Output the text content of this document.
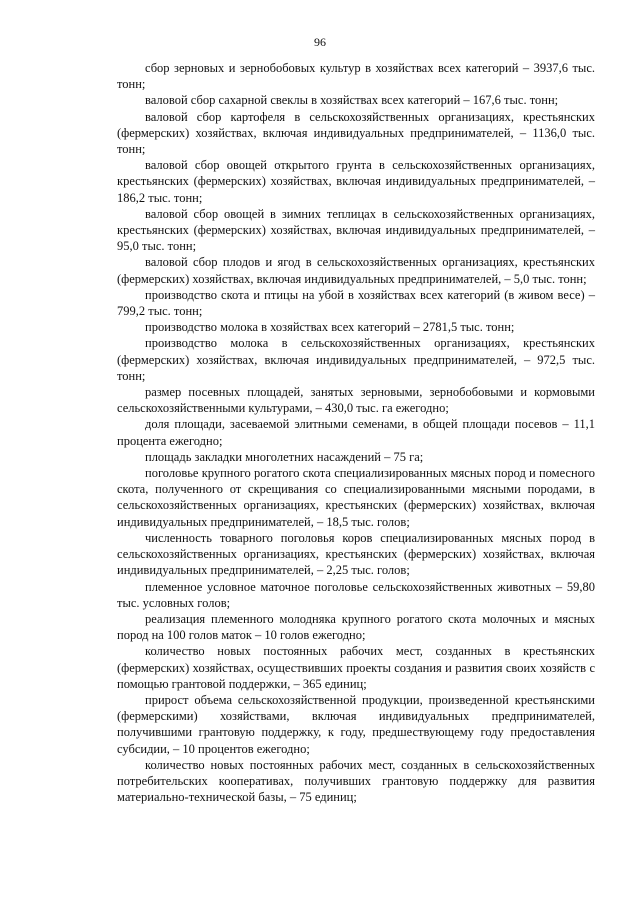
96

сбор зерновых и зернобобовых культур в хозяйствах всех категорий – 3937,6 тыс. тонн;

валовой сбор сахарной свеклы в хозяйствах всех категорий – 167,6 тыс. тонн;

валовой сбор картофеля в сельскохозяйственных организациях, крестьянских (фермерских) хозяйствах, включая индивидуальных предпринимателей, – 1136,0 тыс. тонн;

валовой сбор овощей открытого грунта в сельскохозяйственных организациях, крестьянских (фермерских) хозяйствах, включая индивидуальных предпринимателей, – 186,2 тыс. тонн;

валовой сбор овощей в зимних теплицах в сельскохозяйственных организациях, крестьянских (фермерских) хозяйствах, включая индивидуальных предпринимателей, – 95,0 тыс. тонн;

валовой сбор плодов и ягод в сельскохозяйственных организациях, крестьянских (фермерских) хозяйствах, включая индивидуальных предпринимателей, – 5,0 тыс. тонн;

производство скота и птицы на убой в хозяйствах всех категорий (в живом весе) – 799,2 тыс. тонн;

производство молока в хозяйствах всех категорий – 2781,5 тыс. тонн;

производство молока в сельскохозяйственных организациях, крестьянских (фермерских) хозяйствах, включая индивидуальных предпринимателей, – 972,5 тыс. тонн;

размер посевных площадей, занятых зерновыми, зернобобовыми и кормовыми сельскохозяйственными культурами, – 430,0 тыс. га ежегодно;

доля площади, засеваемой элитными семенами, в общей площади посевов – 11,1 процента ежегодно;

площадь закладки многолетних насаждений – 75 га;

поголовье крупного рогатого скота специализированных мясных пород и помесного скота, полученного от скрещивания со специализированными мясными породами, в сельскохозяйственных организациях, крестьянских (фермерских) хозяйствах, включая индивидуальных предпринимателей, – 18,5 тыс. голов;

численность товарного поголовья коров специализированных мясных пород в сельскохозяйственных организациях, крестьянских (фермерских) хозяйствах, включая индивидуальных предпринимателей, – 2,25 тыс. голов;

племенное условное маточное поголовье сельскохозяйственных животных – 59,80 тыс. условных голов;

реализация племенного молодняка крупного рогатого скота молочных и мясных пород на 100 голов маток – 10 голов ежегодно;

количество новых постоянных рабочих мест, созданных в крестьянских (фермерских) хозяйствах, осуществивших проекты создания и развития своих хозяйств с помощью грантовой поддержки, – 365 единиц;

прирост объема сельскохозяйственной продукции, произведенной крестьянскими (фермерскими) хозяйствами, включая индивидуальных предпринимателей, получившими грантовую поддержку, к году, предшествующему году предоставления субсидии, – 10 процентов ежегодно;

количество новых постоянных рабочих мест, созданных в сельскохозяйственных потребительских кооперативах, получивших грантовую поддержку для развития материально-технической базы, – 75 единиц;
